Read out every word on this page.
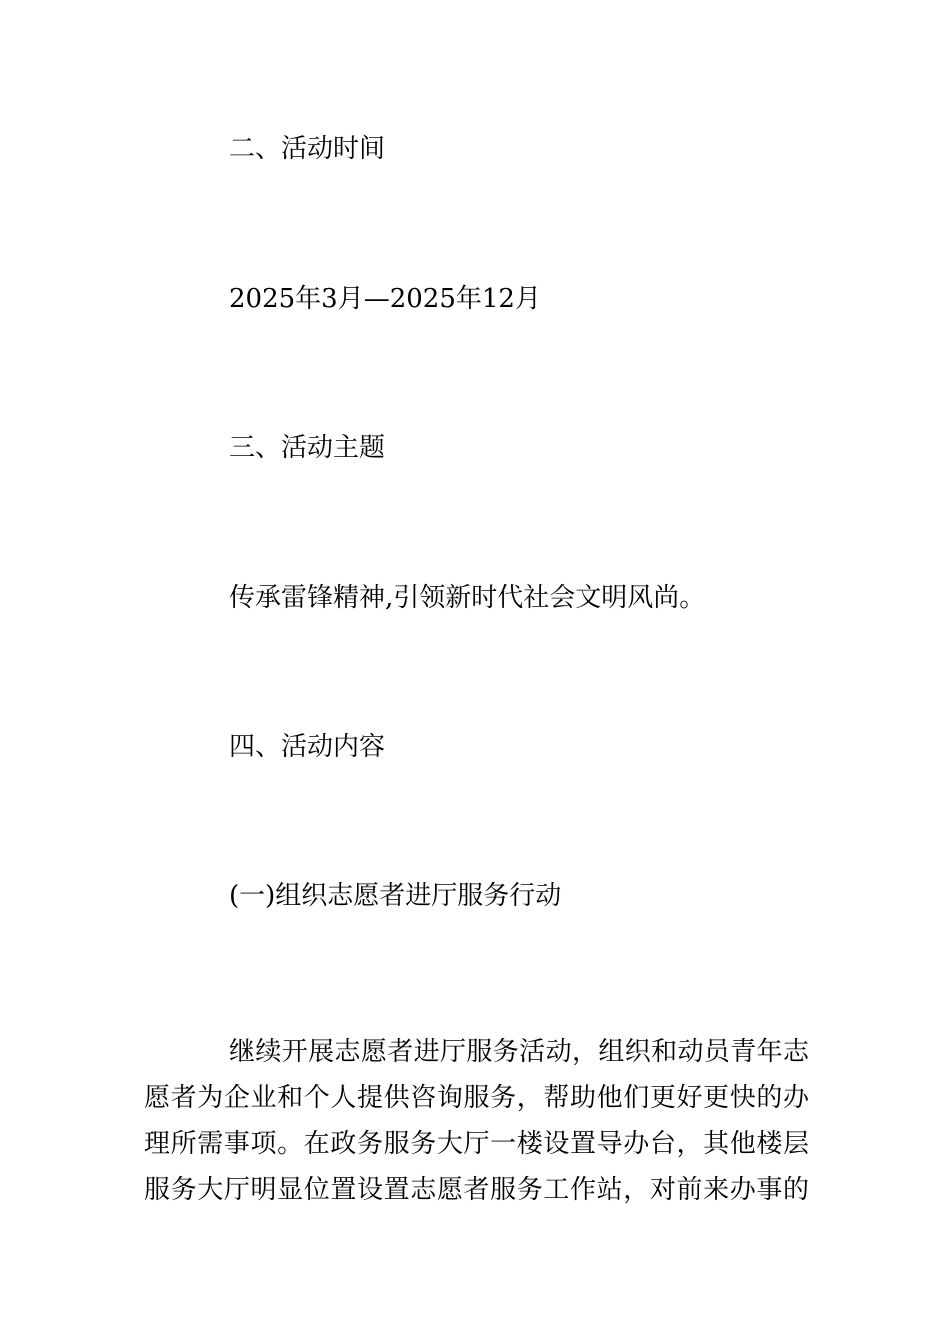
二、活动时间

2025年3月—2025年12月

三、活动主题

传承雷锋精神,引领新时代社会文明风尚。

四、活动内容

(一)组织志愿者进厅服务行动

继续开展志愿者进厅服务活动，组织和动员青年志
愿者为企业和个人提供咨询服务，帮助他们更好更快的办
理所需事项。在政务服务大厅一楼设置导办台，其他楼层
服务大厅明显位置设置志愿者服务工作站，对前来办事的
